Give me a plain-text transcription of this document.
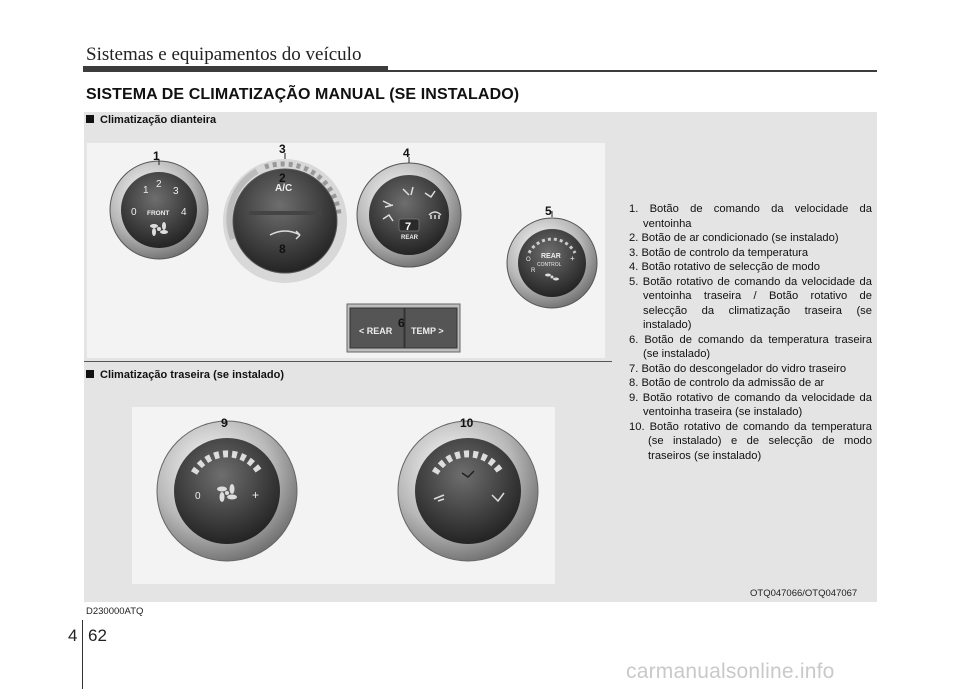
Sistemas e equipamentos do veículo
SISTEMA DE CLIMATIZAÇÃO MANUAL (SE INSTALADO)
Climatização dianteira
0
1
2
3
4
FRONT
1
A/C
2
3
8
REAR
4
7
REAR
CONTROL
O
R
+
5
< REAR TEMP >
6
Climatização traseira (se instalado)
0	+
9	10
1. Botão de comando da velocidade da ventoinha
2. Botão de ar condicionado (se instalado)
3. Botão de controlo da temperatura
4. Botão rotativo de selecção de modo
5. Botão rotativo de comando da velocidade da ventoinha traseira / Botão rotativo de selecção da climatização traseira (se instalado)
6. Botão de comando da temperatura traseira (se instalado)
7. Botão do descongelador do vidro traseiro
8. Botão de controlo da admissão de ar
9. Botão rotativo de comando da velocidade da ventoinha traseira (se instalado)
10. Botão rotativo de comando da temperatura (se instalado) e de selecção de modo traseiros (se instalado)
OTQ047066/OTQ047067
D230000ATQ
4 62
carmanualsonline.info
